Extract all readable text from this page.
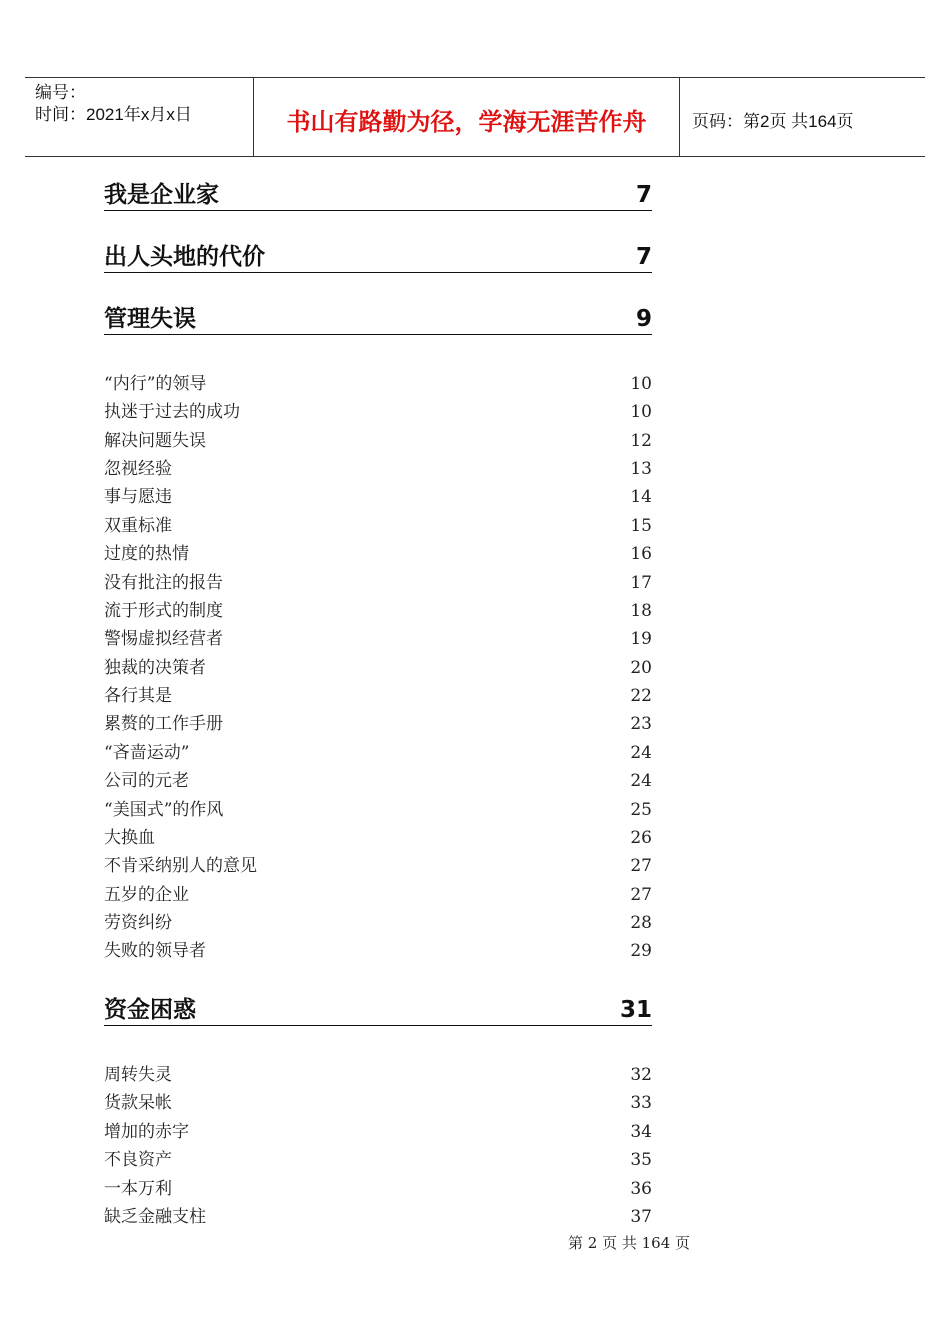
编号：
时间：2021年x月x日	书山有路勤为径，学海无涯苦作舟	页码：第2页 共164页
我是企业家	7
出人头地的代价	7
管理失误	9
“内行”的领导	10
执迷于过去的成功	10
解决问题失误	12
忽视经验	13
事与愿违	14
双重标准	15
过度的热情	16
没有批注的报告	17
流于形式的制度	18
警惕虚拟经营者	19
独裁的决策者	20
各行其是	22
累赘的工作手册	23
“吝啬运动”	24
公司的元老	24
“美国式”的作风	25
大换血	26
不肯采纳别人的意见	27
五岁的企业	27
劳资纠纷	28
失败的领导者	29
资金困惑	31
周转失灵	32
货款呆帐	33
增加的赤字	34
不良资产	35
一本万利	36
缺乏金融支柱	37
第 2 页 共 164 页
